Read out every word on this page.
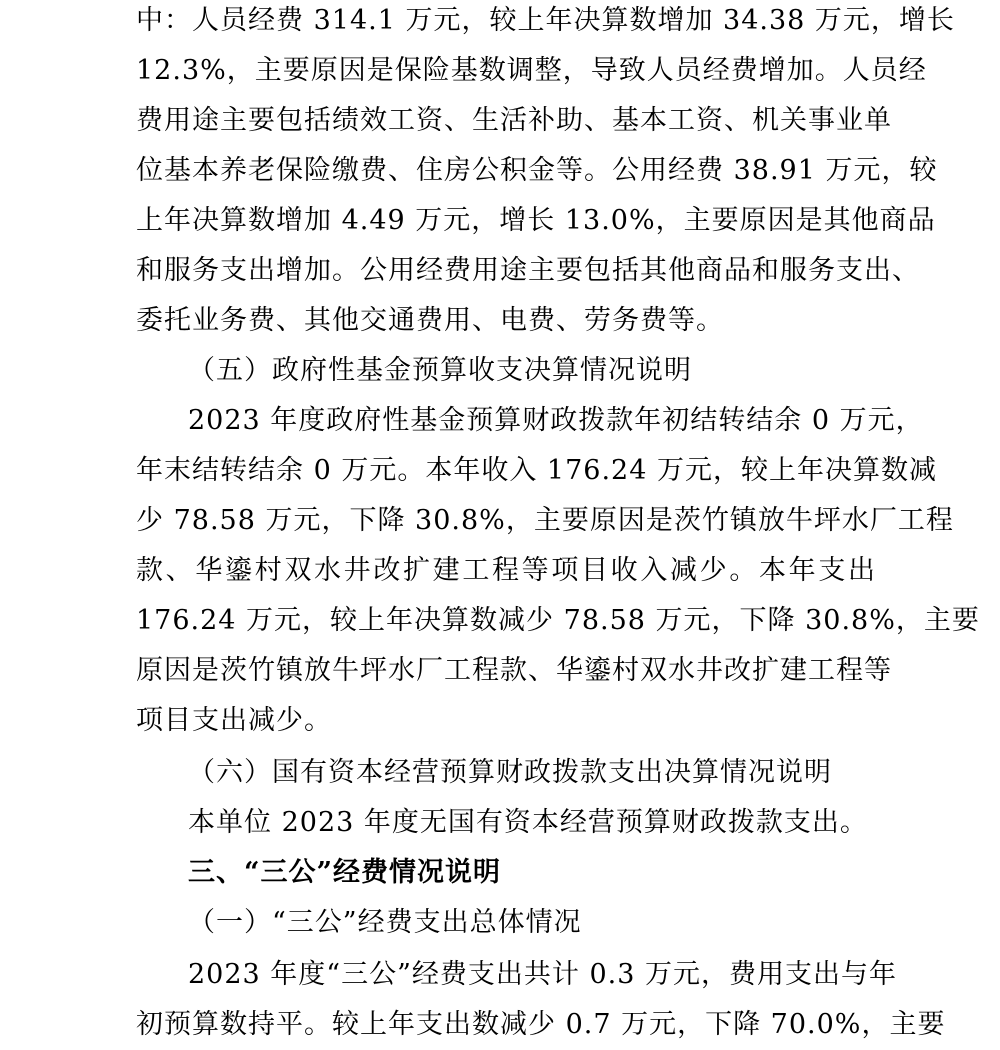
中：人员经费 314.1 万元，较上年决算数增加 34.38 万元，增长
12.3%，主要原因是保险基数调整，导致人员经费增加。人员经
费用途主要包括绩效工资、生活补助、基本工资、机关事业单
位基本养老保险缴费、住房公积金等。公用经费 38.91 万元，较
上年决算数增加 4.49 万元，增长 13.0%，主要原因是其他商品
和服务支出增加。公用经费用途主要包括其他商品和服务支出、
委托业务费、其他交通费用、电费、劳务费等。
（五）政府性基金预算收支决算情况说明
2023 年度政府性基金预算财政拨款年初结转结余 0 万元，
年末结转结余 0 万元。本年收入 176.24 万元，较上年决算数减
少 78.58 万元，下降 30.8%，主要原因是茨竹镇放牛坪水厂工程
款、华鎏村双水井改扩建工程等项目收入减少。本年支出
176.24 万元，较上年决算数减少 78.58 万元，下降 30.8%，主要
原因是茨竹镇放牛坪水厂工程款、华鎏村双水井改扩建工程等
项目支出减少。
（六）国有资本经营预算财政拨款支出决算情况说明
本单位 2023 年度无国有资本经营预算财政拨款支出。
三、“三公”经费情况说明
（一）“三公”经费支出总体情况
2023 年度“三公”经费支出共计 0.3 万元，费用支出与年
初预算数持平。较上年支出数减少 0.7 万元，下降 70.0%，主要
